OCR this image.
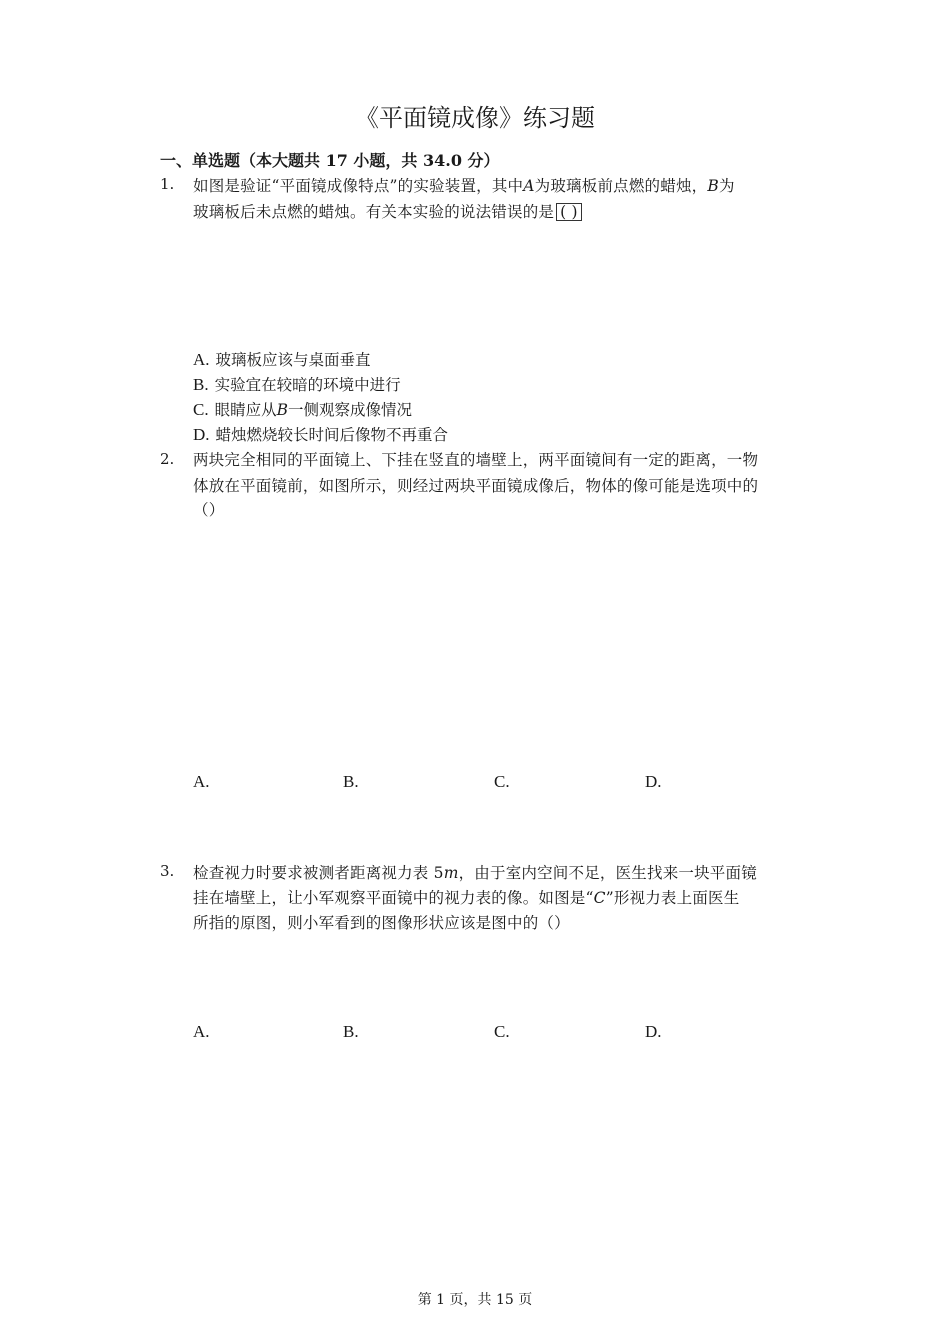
《平面镜成像》练习题
一、单选题（本大题共 17 小题，共 34.0 分）
1. 如图是验证“平面镜成像特点”的实验装置，其中A为玻璃板前点燃的蜡烛，B为
玻璃板后未点燃的蜡烛。有关本实验的说法错误的是 ( )
A. 玻璃板应该与桌面垂直
B. 实验宜在较暗的环境中进行
C. 眼睛应从B一侧观察成像情况
D. 蜡烛燃烧较长时间后像物不再重合
2. 两块完全相同的平面镜上、下挂在竖直的墙壁上，两平面镜间有一定的距离，一物
体放在平面镜前，如图所示，则经过两块平面镜成像后，物体的像可能是选项中的
（）
A.	B.	C.	D.
3. 检查视力时要求被测者距离视力表 5m，由于室内空间不足，医生找来一块平面镜
挂在墙壁上，让小军观察平面镜中的视力表的像。如图是“C”形视力表上面医生
所指的原图，则小军看到的图像形状应该是图中的（）
A.	B.	C.	D.
第 1 页，共 15 页
